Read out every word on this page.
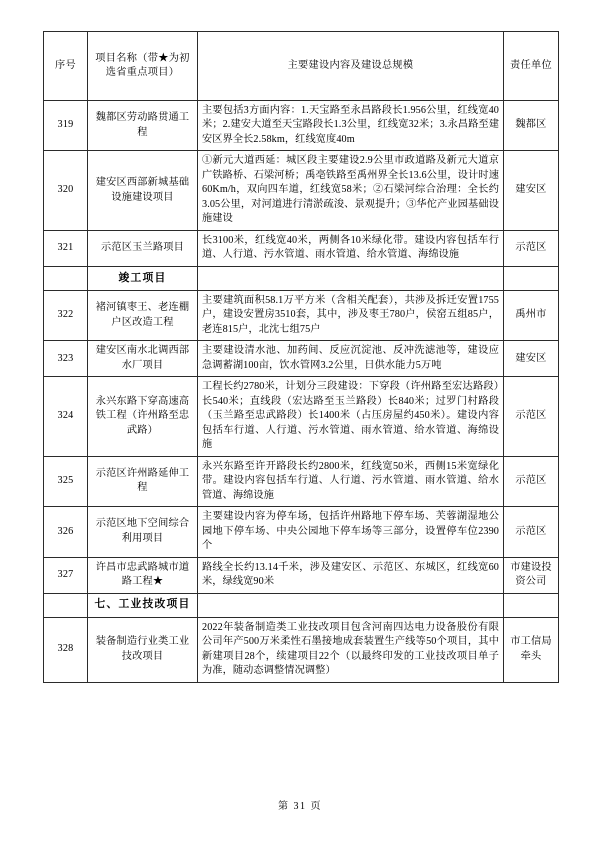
序号	项目名称（带★为初选省重点项目）	主要建设内容及建设总规模	责任单位
319	魏都区劳动路贯通工程	主要包括3方面内容：1.天宝路至永昌路段长1.956公里，红线宽40米；2.建安大道至天宝路段长1.3公里，红线宽32米；3.永昌路至建安区界全长2.58km，红线宽度40m	魏都区
320	建安区西部新城基础设施建设项目	①新元大道西延：城区段主要建设2.9公里市政道路及新元大道京广铁路桥、石梁河桥；禹亳铁路至禹州界全长13.6公里，设计时速60Km/h，双向四车道，红线宽58米；②石梁河综合治理：全长约3.05公里，对河道进行清淤疏浚、景观提升；③华佗产业园基础设施建设	建安区
321	示范区玉兰路项目	长3100米，红线宽40米，两侧各10米绿化带。建设内容包括车行道、人行道、污水管道、雨水管道、给水管道、海绵设施	示范区
	竣工项目		
322	褚河镇枣王、老连棚户区改造工程	主要建筑面积58.1万平方米（含相关配套），共涉及拆迁安置1755户，建设安置房3510套，其中，涉及枣王780户，侯窑五组85户，老连815户，北沈七组75户	禹州市
323	建安区南水北调西部水厂项目	主要建设清水池、加药间、反应沉淀池、反冲洗滤池等，建设应急调蓄湖100亩，饮水管网3.2公里，日供水能力5万吨	建安区
324	永兴东路下穿高速高铁工程（许州路至忠武路）	工程长约2780米，计划分三段建设：下穿段（许州路至宏达路段）长540米；直线段（宏达路至玉兰路段）长840米；过罗门村路段（玉兰路至忠武路段）长1400米（占压房屋约450米）。建设内容包括车行道、人行道、污水管道、雨水管道、给水管道、海绵设施	示范区
325	示范区许州路延伸工程	永兴东路至许开路段长约2800米，红线宽50米，西侧15米宽绿化带。建设内容包括车行道、人行道、污水管道、雨水管道、给水管道、海绵设施	示范区
326	示范区地下空间综合利用项目	主要建设内容为停车场，包括许州路地下停车场、芙蓉湖湿地公园地下停车场、中央公园地下停车场等三部分，设置停车位2390个	示范区
327	许昌市忠武路城市道路工程★	路线全长约13.14千米，涉及建安区、示范区、东城区，红线宽60米，绿线宽90米	市建设投资公司
	七、工业技改项目		
328	装备制造行业类工业技改项目	2022年装备制造类工业技改项目包含河南四达电力设备股份有限公司年产500万米柔性石墨接地成套装置生产线等50个项目，其中新建项目28个，续建项目22个（以最终印发的工业技改项目单子为准，随动态调整情况调整）	市工信局牵头
第 31 页
